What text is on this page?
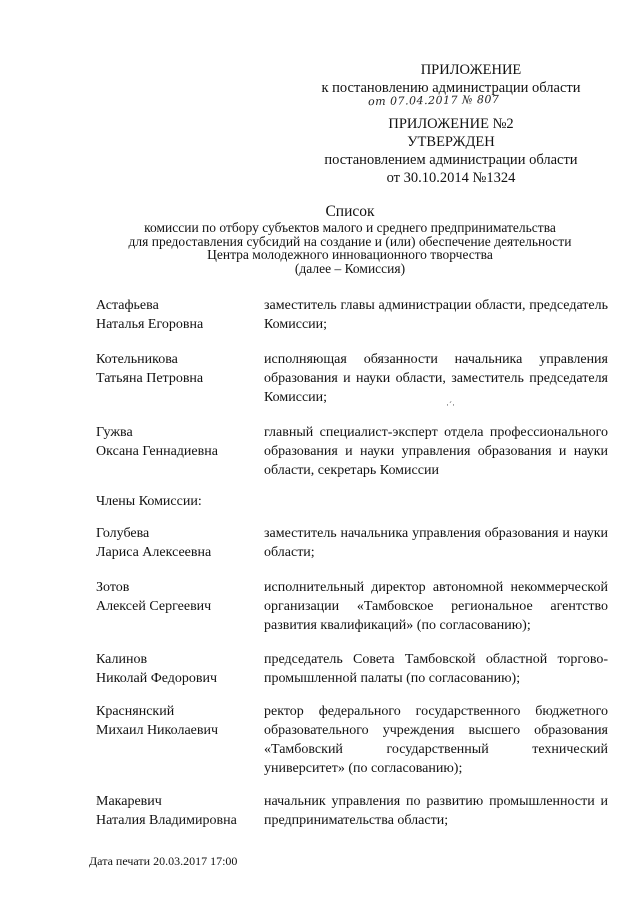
ПРИЛОЖЕНИЕ
к постановлению администрации области
от 07.04.2017 № 807
ПРИЛОЖЕНИЕ №2
УТВЕРЖДЕН
постановлением администрации области
от 30.10.2014 №1324
Список
комиссии по отбору субъектов малого и среднего предпринимательства
для предоставления субсидий на создание и (или) обеспечение деятельности
Центра молодежного инновационного творчества
(далее – Комиссия)
Астафьева
Наталья Егоровна
заместитель главы администрации области, председатель Комиссии;
Котельникова
Татьяна Петровна
исполняющая обязанности начальника управления образования и науки области, заместитель председателя Комиссии;	·ˊ·
Гужва
Оксана Геннадиевна
главный специалист-эксперт отдела профессионального образования и науки управления образования и науки области, секретарь Комиссии
Члены Комиссии:
Голубева
Лариса Алексеевна
заместитель начальника управления образования и науки области;
Зотов
Алексей Сергеевич
исполнительный директор автономной некоммерческой организации «Тамбовское региональное агентство развития квалификаций» (по согласованию);
Калинов
Николай Федорович
председатель Совета Тамбовской областной торгово-промышленной палаты (по согласованию);
Краснянский
Михаил Николаевич
ректор федерального государственного бюджетного образовательного учреждения высшего образования «Тамбовский государственный технический университет» (по согласованию);
Макаревич
Наталия Владимировна
начальник управления по развитию промышленности и предпринимательства области;
Дата печати 20.03.2017 17:00
